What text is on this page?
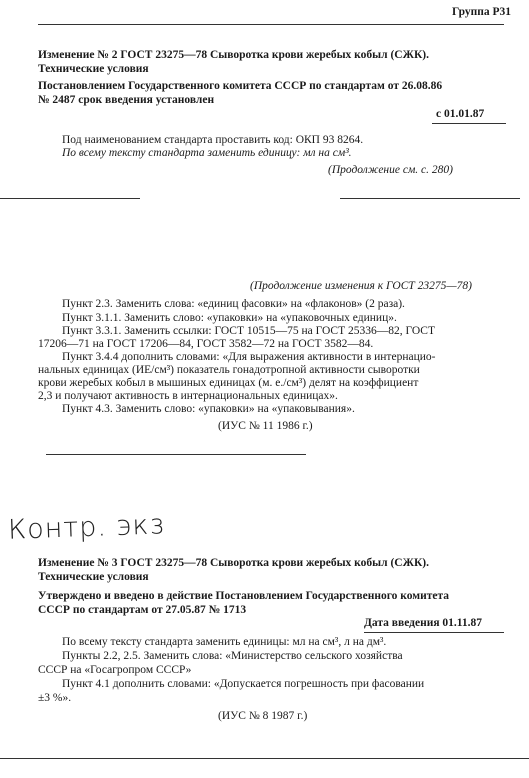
Группа Р31
Изменение № 2 ГОСТ 23275—78 Сыворотка крови жеребых кобыл (СЖК).
Технические условия
Постановлением Государственного комитета СССР по стандартам от 26.08.86
№ 2487 срок введения установлен
с 01.01.87
Под наименованием стандарта проставить код: ОКП 93 8264.
По всему тексту стандарта заменить единицу: мл на см³.
(Продолжение см. с. 280)
(Продолжение изменения к ГОСТ 23275—78)
Пункт 2.3. Заменить слова: «единиц фасовки» на «флаконов» (2 раза).
Пункт 3.1.1. Заменить слово: «упаковки» на «упаковочных единиц».
Пункт 3.3.1. Заменить ссылки: ГОСТ 10515—75 на ГОСТ 25336—82, ГОСТ
17206—71 на ГОСТ 17206—84, ГОСТ 3582—72 на ГОСТ 3582—84.
Пункт 3.4.4 дополнить словами: «Для выражения активности в интернацио-
нальных единицах (ИЕ/см³) показатель гонадотропной активности сыворотки
крови жеребых кобыл в мышиных единицах (м. е./см³) делят на коэффициент
2,3 и получают активность в интернациональных единицах».
Пункт 4.3. Заменить слово: «упаковки» на «упаковывания».
(ИУС № 11 1986 г.)
Контр. экз
Изменение № 3 ГОСТ 23275—78 Сыворотка крови жеребых кобыл (СЖК).
Технические условия
Утверждено и введено в действие Постановлением Государственного комитета
СССР по стандартам от 27.05.87 № 1713
Дата введения 01.11.87
По всему тексту стандарта заменить единицы: мл на см³, л на дм³.
Пункты 2.2, 2.5. Заменить слова: «Министерство сельского хозяйства
СССР на «Госагропром СССР»
Пункт 4.1 дополнить словами: «Допускается погрешность при фасовании
±3 %».
(ИУС № 8 1987 г.)
